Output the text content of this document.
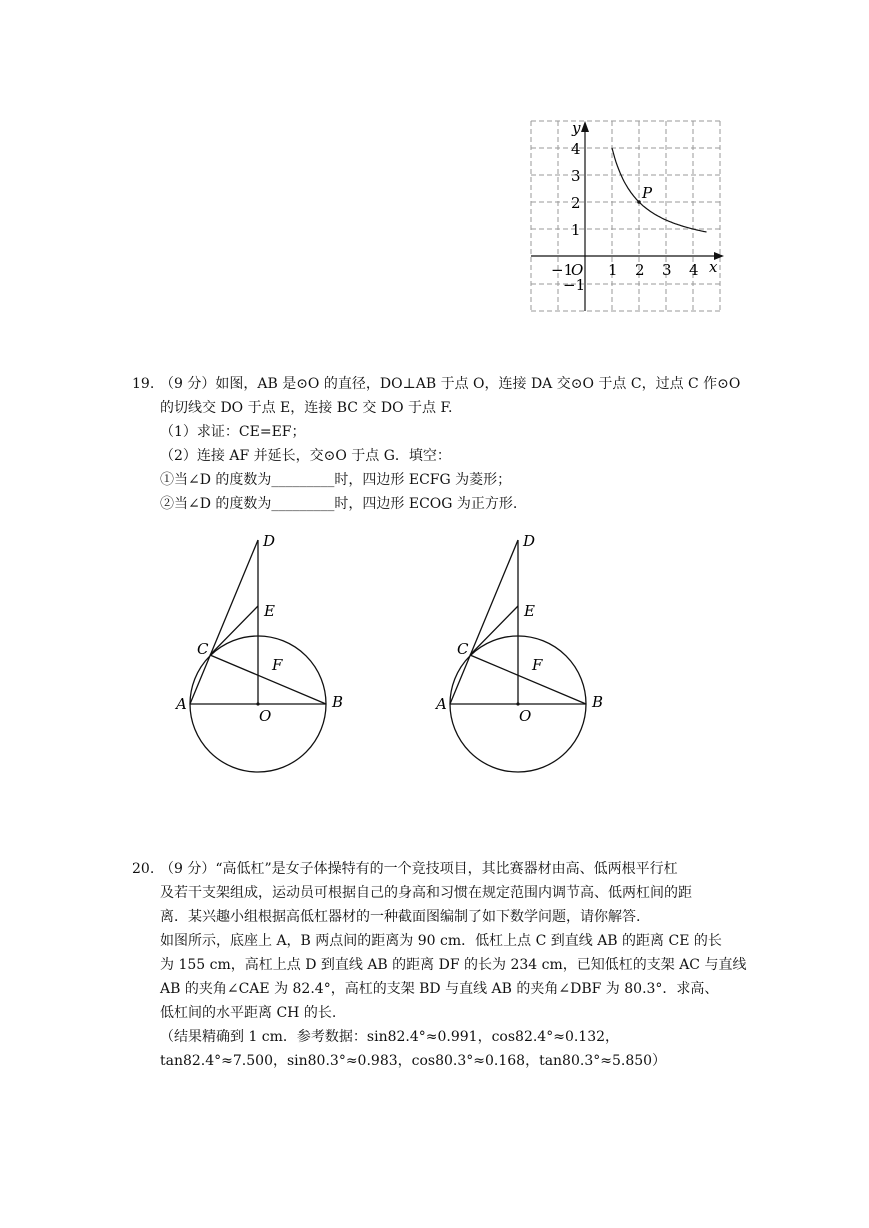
y
x
O
P
4
3
2
1
−1
−1 1 2 3 4
19. （9 分）如图，AB 是⊙O 的直径，DO⊥AB 于点 O，连接 DA 交⊙O 于点 C，过点 C 作⊙O
的切线交 DO 于点 E，连接 BC 交 DO 于点 F.
（1）求证：CE=EF；
（2）连接 AF 并延长，交⊙O 于点 G．填空：
①当∠D 的度数为_________时，四边形 ECFG 为菱形；
②当∠D 的度数为_________时，四边形 ECOG 为正方形.
D
E
C
F
A
O
B
D
E
C
F
A
O
B
20. （9 分）“高低杠”是女子体操特有的一个竞技项目，其比赛器材由高、低两根平行杠
及若干支架组成，运动员可根据自己的身高和习惯在规定范围内调节高、低两杠间的距
离．某兴趣小组根据高低杠器材的一种截面图编制了如下数学问题，请你解答.
如图所示，底座上 A，B 两点间的距离为 90 cm．低杠上点 C 到直线 AB 的距离 CE 的长
为 155 cm，高杠上点 D 到直线 AB 的距离 DF 的长为 234 cm，已知低杠的支架 AC 与直线
AB 的夹角∠CAE 为 82.4°，高杠的支架 BD 与直线 AB 的夹角∠DBF 为 80.3°．求高、
低杠间的水平距离 CH 的长.
（结果精确到 1 cm．参考数据：sin82.4°≈0.991，cos82.4°≈0.132，
tan82.4°≈7.500，sin80.3°≈0.983，cos80.3°≈0.168，tan80.3°≈5.850）
